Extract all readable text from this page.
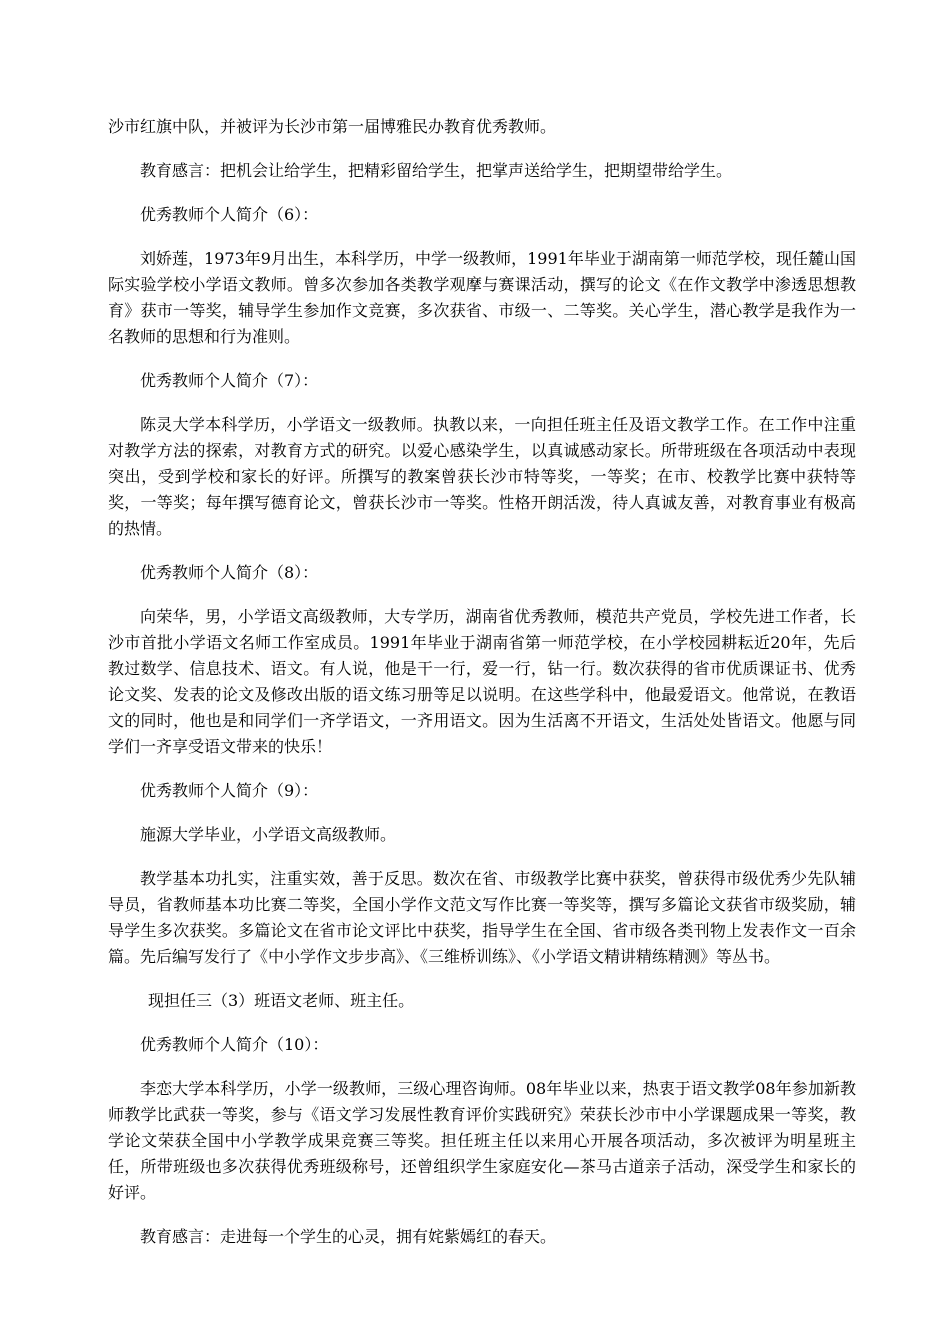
沙市红旗中队，并被评为长沙市第一届博雅民办教育优秀教师。

教育感言：把机会让给学生，把精彩留给学生，把掌声送给学生，把期望带给学生。

优秀教师个人简介（6）：

刘娇莲，1973年9月出生，本科学历，中学一级教师，1991年毕业于湖南第一师范学校，现任麓山国际实验学校小学语文教师。曾多次参加各类教学观摩与赛课活动，撰写的论文《在作文教学中渗透思想教育》获市一等奖，辅导学生参加作文竞赛，多次获省、市级一、二等奖。关心学生，潜心教学是我作为一名教师的思想和行为准则。

优秀教师个人简介（7）：

陈灵大学本科学历，小学语文一级教师。执教以来，一向担任班主任及语文教学工作。在工作中注重对教学方法的探索，对教育方式的研究。以爱心感染学生，以真诚感动家长。所带班级在各项活动中表现突出，受到学校和家长的好评。所撰写的教案曾获长沙市特等奖，一等奖；在市、校教学比赛中获特等奖，一等奖；每年撰写德育论文，曾获长沙市一等奖。性格开朗活泼，待人真诚友善，对教育事业有极高的热情。

优秀教师个人简介（8）：

向荣华，男，小学语文高级教师，大专学历，湖南省优秀教师，模范共产党员，学校先进工作者，长沙市首批小学语文名师工作室成员。1991年毕业于湖南省第一师范学校，在小学校园耕耘近20年，先后教过数学、信息技术、语文。有人说，他是干一行，爱一行，钻一行。数次获得的省市优质课证书、优秀论文奖、发表的论文及修改出版的语文练习册等足以说明。在这些学科中，他最爱语文。他常说，在教语文的同时，他也是和同学们一齐学语文，一齐用语文。因为生活离不开语文，生活处处皆语文。他愿与同学们一齐享受语文带来的快乐！

优秀教师个人简介（9）：

施源大学毕业，小学语文高级教师。

教学基本功扎实，注重实效，善于反思。数次在省、市级教学比赛中获奖，曾获得市级优秀少先队辅导员，省教师基本功比赛二等奖，全国小学作文范文写作比赛一等奖等，撰写多篇论文获省市级奖励，辅导学生多次获奖。多篇论文在省市论文评比中获奖，指导学生在全国、省市级各类刊物上发表作文一百余篇。先后编写发行了《中小学作文步步高》、《三维桥训练》、《小学语文精讲精练精测》等丛书。

现担任三（3）班语文老师、班主任。

优秀教师个人简介（10）：

李恋大学本科学历，小学一级教师，三级心理咨询师。08年毕业以来，热衷于语文教学08年参加新教师教学比武获一等奖，参与《语文学习发展性教育评价实践研究》荣获长沙市中小学课题成果一等奖，教学论文荣获全国中小学教学成果竞赛三等奖。担任班主任以来用心开展各项活动，多次被评为明星班主任，所带班级也多次获得优秀班级称号，还曾组织学生家庭安化—茶马古道亲子活动，深受学生和家长的好评。

教育感言：走进每一个学生的心灵，拥有姹紫嫣红的春天。
